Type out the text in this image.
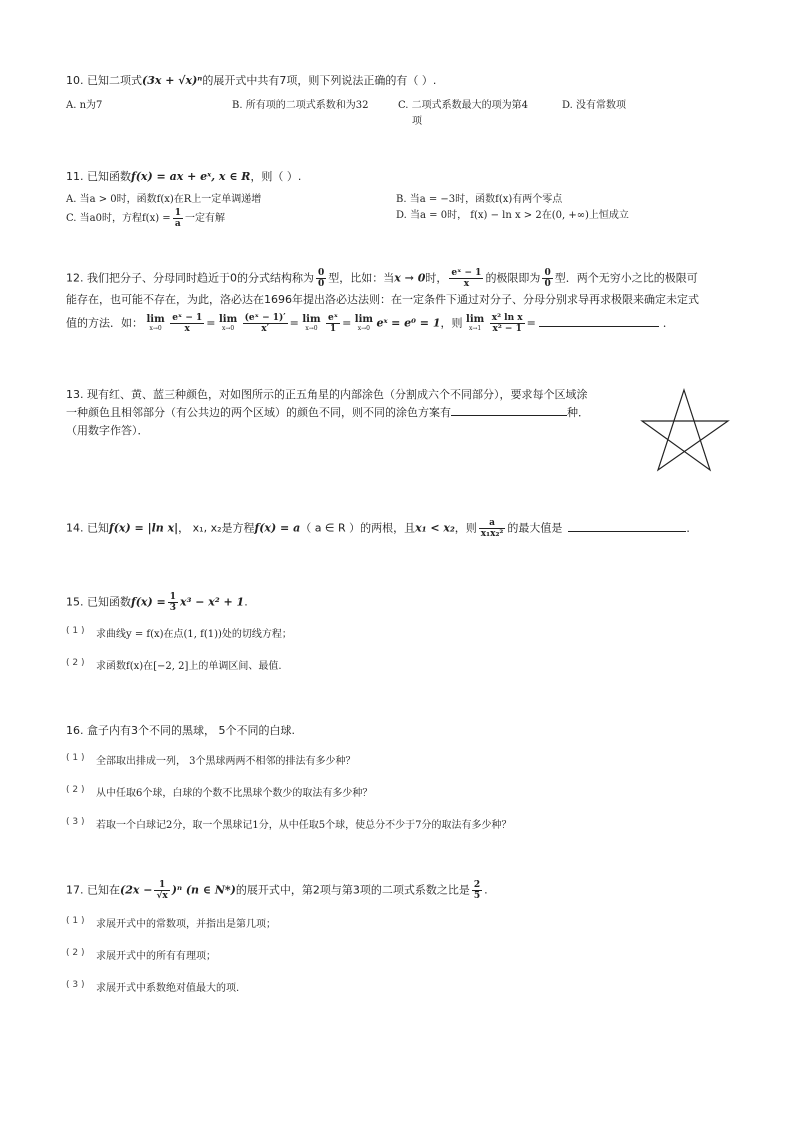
10. 已知二项式(3x + √x)ⁿ的展开式中共有7项，则下列说法正确的有（ ）.
A. n为7	B. 所有项的二项式系数和为32	C. 二项式系数最大的项为第4
项
D. 没有常数项
11. 已知函数f(x) = ax + eˣ, x ∈ R，则（ ）.
A. 当a > 0时，函数f(x)在R上一定单调递增	B. 当a = −3时，函数f(x)有两个零点
C. 当a0时，方程$f(x) = \frac{1}{a}$ 一定有解	D. 当a = 0时， f(x) − ln x > 2在(0, +∞)上恒成立
12. 我们把分子、分母同时趋近于0的分式结构称为 $\frac{0}{0}$ 型，比如：当x → 0时， $\frac{\text{eˣ − 1}}{x}$ 的极限即为 $\frac{0}{0}$ 型．两个无穷小之比的极限可
能存在，也可能不存在，为此，洛必达在1696年提出洛必达法则：在一定条件下通过对分子、分母分别求导再求极限来确定未定式
值的方法．如： lim
x→0
$\frac{\text{eˣ − 1}}{x} = \lim$
x→0
$\frac{\text{(eˣ − 1)′}}{x'} = \lim$
x→0
$\frac{\text{eˣ}}{1} = \lim$
x→0 eˣ = e⁰ = 1，则 lim
x→1
$\frac{\text{x² ln x}}{\text{x² − 1}}$ =	．
13. 现有红、黄、蓝三种颜色，对如图所示的正五角星的内部涂色（分割成六个不同部分），要求每个区域涂
一种颜色且相邻部分（有公共边的两个区域）的颜色不同，则不同的涂色方案有	种．
（用数字作答）．
14. 已知f(x) = |ln x|， x₁, x₂是方程f(x) = a（ a ∈ R ）的两根，且x₁ < x₂，则 $\frac{a}{\text{x₁x₂²}}$ 的最大值是	．
15. 已知函数$f(x) = \frac{1}{3} x^3 - x^2 + 1$.
( 1 ) 求曲线y = f(x)在点(1, f(1))处的切线方程；
( 2 ) 求函数f(x)在[−2, 2]上的单调区间、最值.
16. 盒子内有3个不同的黑球， 5个不同的白球.
( 1 ) 全部取出排成一列， 3个黑球两两不相邻的排法有多少种？
( 2 ) 从中任取6个球，白球的个数不比黑球个数少的取法有多少种？
( 3 ) 若取一个白球记2分，取一个黑球记1分，从中任取5个球，使总分不少于7分的取法有多少种？
17. 已知在$(2x - \frac{1}{√x} )^n$ (n ∈ N*)的展开式中，第2项与第3项的二项式系数之比是 $\frac{2}{5}$ .
( 1 ) 求展开式中的常数项，并指出是第几项；
( 2 ) 求展开式中的所有有理项；
( 3 ) 求展开式中系数绝对值最大的项.
